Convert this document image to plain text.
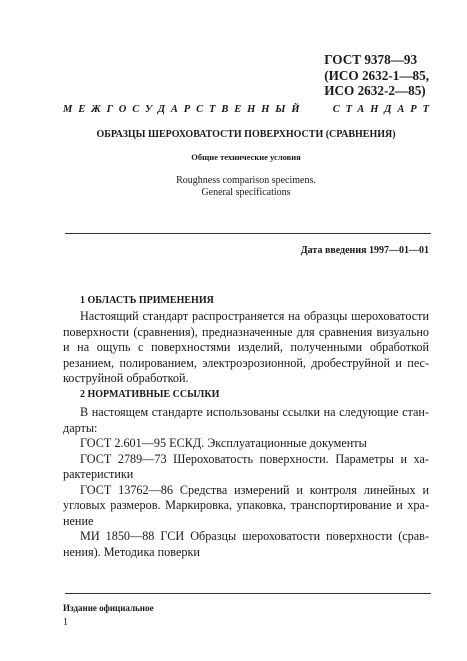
ГОСТ 9378—93
(ИСО 2632-1—85,
ИСО 2632-2—85)
МЕЖГОСУДАРСТВЕННЫЙ	СТАНДАРТ
ОБРАЗЦЫ ШЕРОХОВАТОСТИ ПОВЕРХНОСТИ (СРАВНЕНИЯ)
Общие технические условия
Roughness comparison specimens.
General specifications
Дата введения 1997—01—01
1 ОБЛАСТЬ ПРИМЕНЕНИЯ
Настоящий стандарт распространяется на образцы шероховатости
поверхности (сравнения), предназначенные для сравнения визуально
и на ощупь с поверхностями изделий, полученными обработкой
резанием, полированием, электроэрозионной, дробеструйной и пес-
коструйной обработкой.
2 НОРМАТИВНЫЕ ССЫЛКИ
В настоящем стандарте использованы ссылки на следующие стан-
дарты:
ГОСТ 2.601—95 ЕСКД. Эксплуатационные документы
ГОСТ 2789—73 Шероховатость поверхности. Параметры и ха-
рактеристики
ГОСТ 13762—86 Средства измерений и контроля линейных и
угловых размеров. Маркировка, упаковка, транспортирование и хра-
нение
МИ 1850—88 ГСИ Образцы шероховатости поверхности (срав-
нения). Методика поверки
Издание официальное
1
